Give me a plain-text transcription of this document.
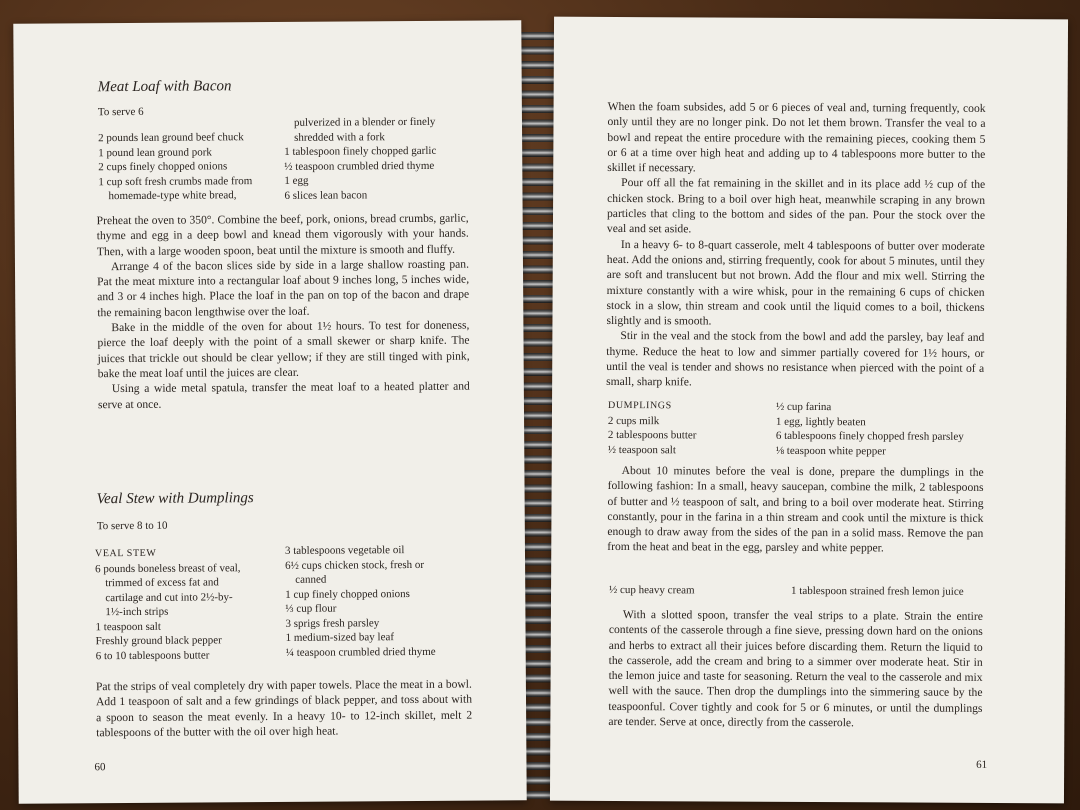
Meat Loaf with Bacon
To serve 6
2 pounds lean ground beef chuck
1 pound lean ground pork
2 cups finely chopped onions
1 cup soft fresh crumbs made from
homemade-type white bread,
pulverized in a blender or finely
shredded with a fork
1 tablespoon finely chopped garlic
½ teaspoon crumbled dried thyme
1 egg
6 slices lean bacon

Preheat the oven to 350°. Combine the beef, pork, onions, bread crumbs, garlic, thyme and egg in a deep bowl and knead them vigorously with your hands. Then, with a large wooden spoon, beat until the mixture is smooth and fluffy.

Arrange 4 of the bacon slices side by side in a large shallow roasting pan. Pat the meat mixture into a rectangular loaf about 9 inches long, 5 inches wide, and 3 or 4 inches high. Place the loaf in the pan on top of the bacon and drape the remaining bacon lengthwise over the loaf.

Bake in the middle of the oven for about 1½ hours. To test for doneness, pierce the loaf deeply with the point of a small skewer or sharp knife. The juices that trickle out should be clear yellow; if they are still tinged with pink, bake the meat loaf until the juices are clear.

Using a wide metal spatula, transfer the meat loaf to a heated platter and serve at once.

Veal Stew with Dumplings
To serve 8 to 10
VEAL STEW
6 pounds boneless breast of veal,
trimmed of excess fat and
cartilage and cut into 2½-by-
1½-inch strips
1 teaspoon salt
Freshly ground black pepper
6 to 10 tablespoons butter
3 tablespoons vegetable oil
6½ cups chicken stock, fresh or
canned
1 cup finely chopped onions
⅓ cup flour
3 sprigs fresh parsley
1 medium-sized bay leaf
¼ teaspoon crumbled dried thyme

Pat the strips of veal completely dry with paper towels. Place the meat in a bowl. Add 1 teaspoon of salt and a few grindings of black pepper, and toss about with a spoon to season the meat evenly. In a heavy 10- to 12-inch skillet, melt 2 tablespoons of the butter with the oil over high heat.

60

When the foam subsides, add 5 or 6 pieces of veal and, turning frequently, cook only until they are no longer pink. Do not let them brown. Transfer the veal to a bowl and repeat the entire procedure with the remaining pieces, cooking them 5 or 6 at a time over high heat and adding up to 4 tablespoons more butter to the skillet if necessary.

Pour off all the fat remaining in the skillet and in its place add ½ cup of the chicken stock. Bring to a boil over high heat, meanwhile scraping in any brown particles that cling to the bottom and sides of the pan. Pour the stock over the veal and set aside.

In a heavy 6- to 8-quart casserole, melt 4 tablespoons of butter over moderate heat. Add the onions and, stirring frequently, cook for about 5 minutes, until they are soft and translucent but not brown. Add the flour and mix well. Stirring the mixture constantly with a wire whisk, pour in the remaining 6 cups of chicken stock in a slow, thin stream and cook until the liquid comes to a boil, thickens slightly and is smooth.

Stir in the veal and the stock from the bowl and add the parsley, bay leaf and thyme. Reduce the heat to low and simmer partially covered for 1½ hours, or until the veal is tender and shows no resistance when pierced with the point of a small, sharp knife.

DUMPLINGS
2 cups milk
2 tablespoons butter
½ teaspoon salt
½ cup farina
1 egg, lightly beaten
6 tablespoons finely chopped fresh parsley
⅛ teaspoon white pepper

About 10 minutes before the veal is done, prepare the dumplings in the following fashion: In a small, heavy saucepan, combine the milk, 2 tablespoons of butter and ½ teaspoon of salt, and bring to a boil over moderate heat. Stirring constantly, pour in the farina in a thin stream and cook until the mixture is thick enough to draw away from the sides of the pan in a solid mass. Remove the pan from the heat and beat in the egg, parsley and white pepper.

½ cup heavy cream	1 tablespoon strained fresh lemon juice

With a slotted spoon, transfer the veal strips to a plate. Strain the entire contents of the casserole through a fine sieve, pressing down hard on the onions and herbs to extract all their juices before discarding them. Return the liquid to the casserole, add the cream and bring to a simmer over moderate heat. Stir in the lemon juice and taste for seasoning. Return the veal to the casserole and mix well with the sauce. Then drop the dumplings into the simmering sauce by the teaspoonful. Cover tightly and cook for 5 or 6 minutes, or until the dumplings are tender. Serve at once, directly from the casserole.

61
